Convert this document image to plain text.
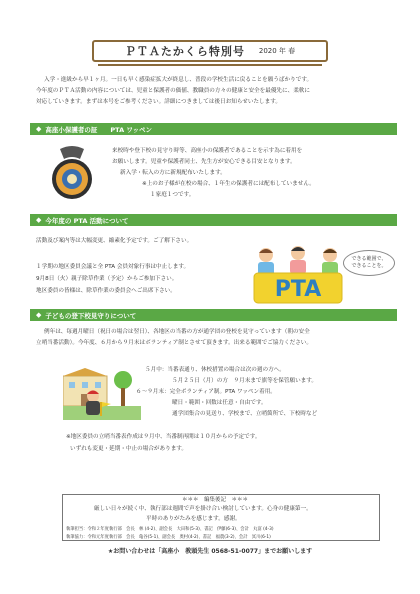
ＰＴＡたかくら特別号 2020 年 春
入学・進級から早１ヶ月。一日も早く感染症拡大が終息し、普段の学校生活に戻ることを願うばかりです。
今年度のＰＴＡ活動の内容については、児童と保護者の価値、教職員の方々の健康と安全を最優先に、柔軟に
対応していきます。まずは本号をご参考ください。詳細につきましては後日お知らせいたします。
◆ 高座小保護者の証　　PTA ワッペン
来校時や登下校の見守り時等、高座小の保護者であることを示す為に着用を
お願いします。児童や保護者同士、先生方が安心できる目安となります。
新入学・転入の方に新規配布いたします。
※上のお子様が在校の場合、１年生の保護者には配布していません。
１家庭１つです。
◆ 今年度の PTA 活動について
活動及び案内等は大幅変更、縮素化予定です。ご了解下さい。
１学期の地区委員会議と全 PTA 会員対象行事は中止します。
9月8日（火）親子除草作業（予定）からご参加下さい。
地区委員の皆様は、除草作業の委員会へご出席下さい。	PTA
できる範囲で、
できることを。
◆ 子どもの登下校見守りについて
例年は、毎週月曜日（祝日の場合は翌日）、各地区の当番の方が通学団の登校を見守っています（朝の安全
立哨当番活動）。今年度、６月から９月末はボランティア制とさせて頂きます。出来る範囲でご協力ください。
５月中：当番表通り、休校措置の場合は次の週の方へ。
５月２５日（月）の方　９月末まで旗等を保管願います。
６～９月末：完全ボランティア制。PTA ワッペン着用。
曜日・範囲・回数は任意・自由です。
通学団集合の見送り、学校まで、立哨箇所で、下校時など
※地区委員の立哨当番表作成は９月中、当番制再開は１０月からの予定です。
いずれも変更・延期・中止の場合があります。
＊＊＊　編集後記　＊＊＊
厳しい日々が続く中、執行部は週間で声を掛け合い検討しています。心身の健康第一。
平時のありがたみを感じます。感謝。
執筆担当：令和２年度執行部　会長　林 (4-2)、副会長　大田和(5-3)、書記　伊藤(6-3)、会計　丸富 (4-3)
執筆協力：令和元年度執行部　会長　亀谷(5-1)、副会長　奥村(4-2)、書記　福農(3-2)、会計　冥川(6-1)
★お問い合わせは「高座小　教頭先生 0568-51-0077」までお願いします
